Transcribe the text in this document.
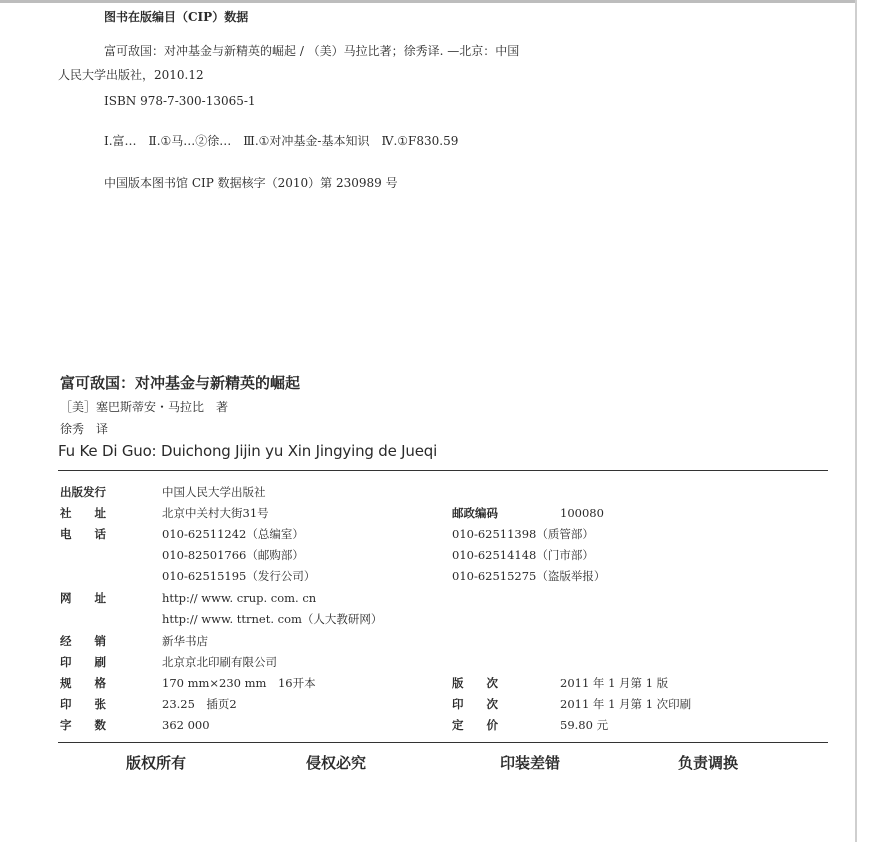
图书在版编目（CIP）数据
富可敌国：对冲基金与新精英的崛起 / （美）马拉比著；徐秀译. —北京：中国
人民大学出版社，2010.12
ISBN 978-7-300-13065-1
Ⅰ.富…　Ⅱ.①马…②徐…　Ⅲ.①对冲基金-基本知识　Ⅳ.①F830.59
中国版本图书馆 CIP 数据核字（2010）第 230989 号
富可敌国：对冲基金与新精英的崛起
［美］塞巴斯蒂安・马拉比　著
徐秀　译
Fu Ke Di Guo: Duichong Jijin yu Xin Jingying de Jueqi
出版发行	中国人民大学出版社
社　　址	北京中关村大街31号	邮政编码	100080
电　　话	010-62511242（总编室）	010-62511398（质管部）
010-82501766（邮购部）	010-62514148（门市部）
010-62515195（发行公司）	010-62515275（盗版举报）
网　　址	http:// www. crup. com. cn
http:// www. ttrnet. com（人大教研网）
经　　销	新华书店
印　　刷	北京京北印刷有限公司
规　　格	170 mm×230 mm　16开本	版　　次	2011 年 1 月第 1 版
印　　张	23.25　插页2	印　　次	2011 年 1 月第 1 次印刷
字　　数	362 000	定　　价	59.80 元
版权所有	侵权必究	印装差错	负责调换
